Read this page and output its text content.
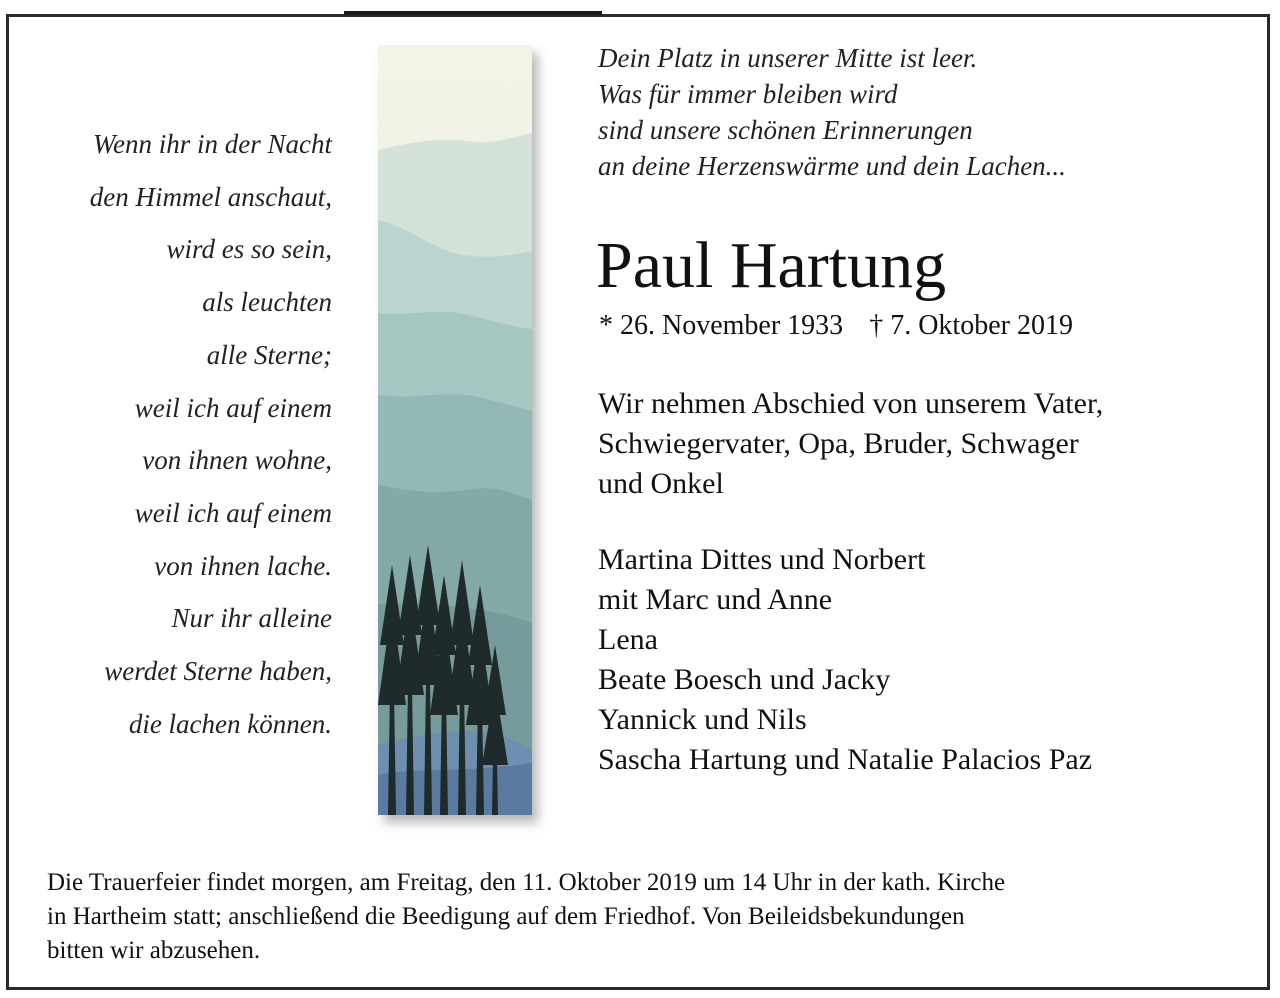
Wenn ihr in der Nacht
den Himmel anschaut,
wird es so sein,
als leuchten
alle Sterne;
weil ich auf einem
von ihnen wohne,
weil ich auf einem
von ihnen lache.
Nur ihr alleine
werdet Sterne haben,
die lachen können.
Dein Platz in unserer Mitte ist leer.
Was für immer bleiben wird
sind unsere schönen Erinnerungen
an deine Herzenswärme und dein Lachen...
Paul Hartung
* 26. November 1933 † 7. Oktober 2019
Wir nehmen Abschied von unserem Vater,
Schwiegervater, Opa, Bruder, Schwager
und Onkel
Martina Dittes und Norbert
mit Marc und Anne
Lena
Beate Boesch und Jacky
Yannick und Nils
Sascha Hartung und Natalie Palacios Paz
Die Trauerfeier findet morgen, am Freitag, den 11. Oktober 2019 um 14 Uhr in der kath. Kirche
in Hartheim statt; anschließend die Beedigung auf dem Friedhof. Von Beileidsbekundungen
bitten wir abzusehen.
